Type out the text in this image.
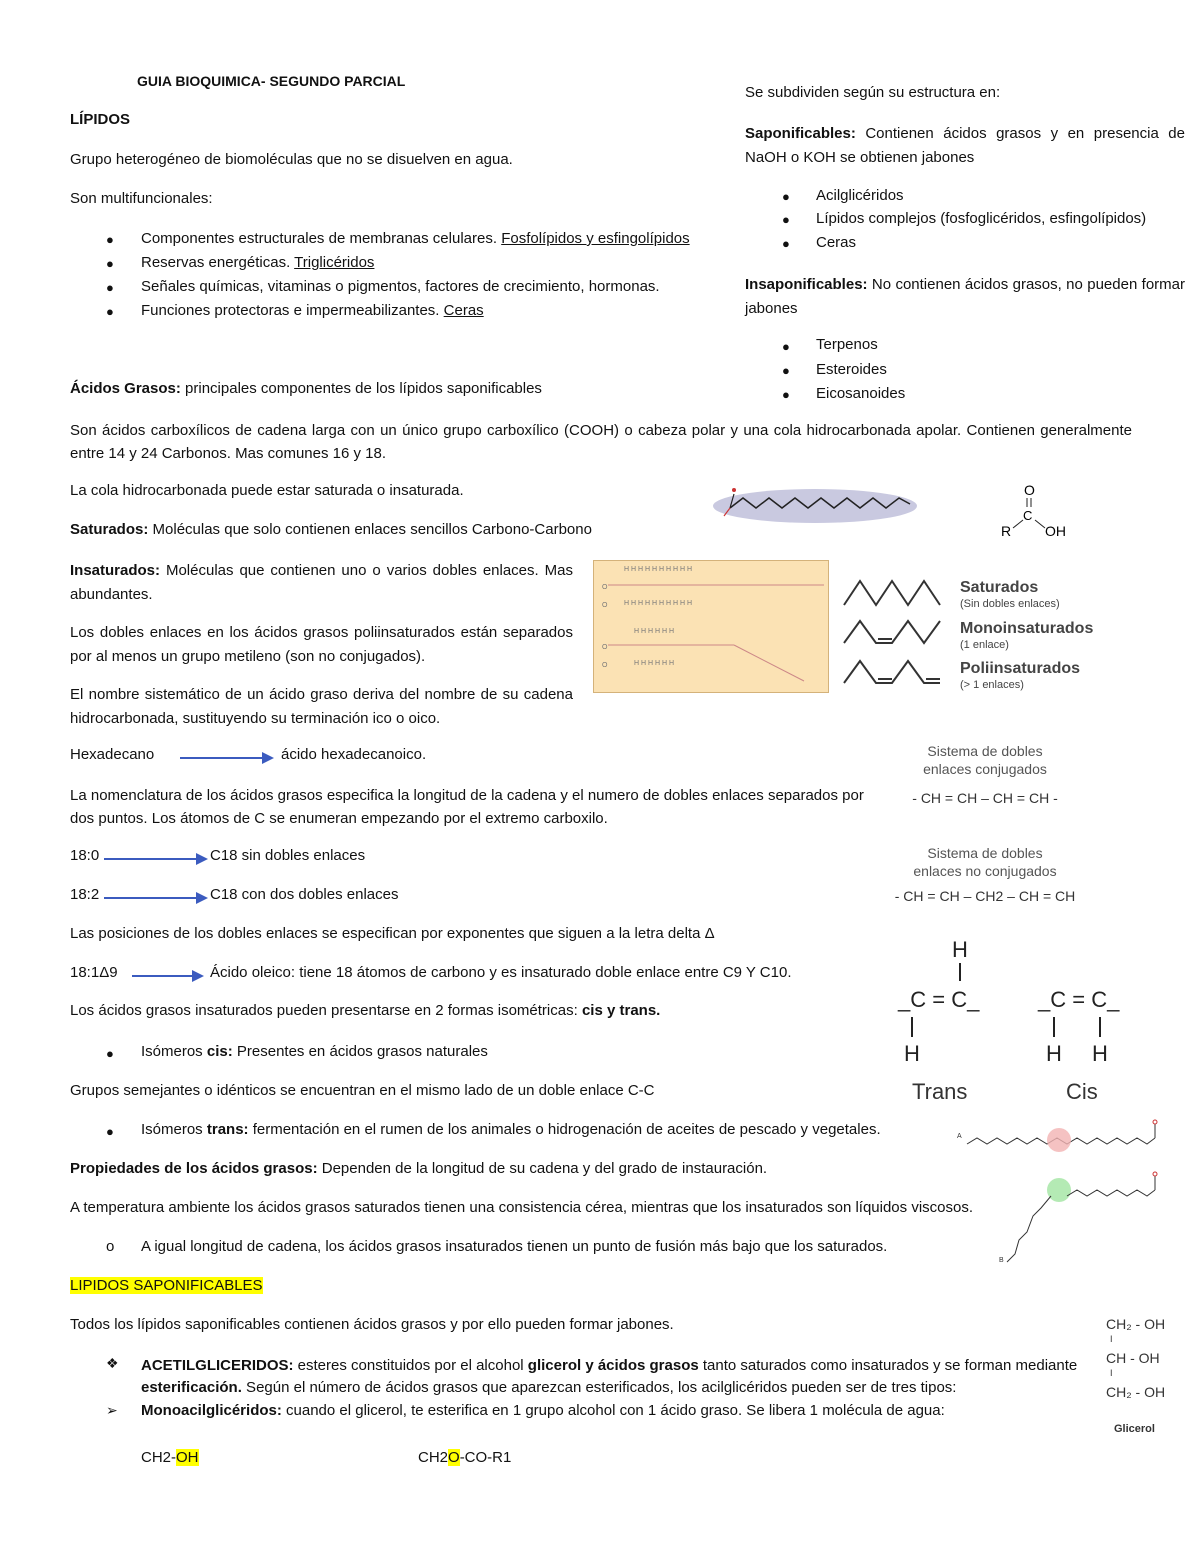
GUIA BIOQUIMICA- SEGUNDO PARCIAL
LÍPIDOS
Grupo heterogéneo de biomoléculas que no se disuelven en agua.
Son multifuncionales:
● Componentes estructurales de membranas celulares. Fosfolípidos y esfingolípidos
● Reservas energéticas. Triglicéridos
● Señales químicas, vitaminas o pigmentos, factores de crecimiento, hormonas.
● Funciones protectoras e impermeabilizantes. Ceras
Se subdividen según su estructura en:
Saponificables: Contienen ácidos grasos y en presencia de NaOH o KOH se obtienen jabones
● Acilglicéridos
● Lípidos complejos (fosfoglicéridos, esfingolípidos)
● Ceras
Insaponificables: No contienen ácidos grasos, no pueden formar jabones
● Terpenos
● Esteroides
● Eicosanoides
Ácidos Grasos: principales componentes de los lípidos saponificables
Son ácidos carboxílicos de cadena larga con un único grupo carboxílico (COOH) o cabeza polar y una cola hidrocarbonada apolar. Contienen generalmente entre 14 y 24 Carbonos. Mas comunes 16 y 18.
La cola hidrocarbonada puede estar saturada o insaturada.
Saturados: Moléculas que solo contienen enlaces sencillos Carbono-Carbono
Insaturados: Moléculas que contienen uno o varios dobles enlaces. Mas abundantes.
Los dobles enlaces en los ácidos grasos poliinsaturados están separados por al menos un grupo metileno (son no conjugados).
El nombre sistemático de un ácido graso deriva del nombre de su cadena hidrocarbonada, sustituyendo su terminación ico o oico.
Hexadecano	ácido hexadecanoico.
La nomenclatura de los ácidos grasos especifica la longitud de la cadena y el numero de dobles enlaces separados por dos puntos. Los átomos de C se enumeran empezando por el extremo carboxilo.
18:0	C18 sin dobles enlaces
18:2	C18 con dos dobles enlaces
Las posiciones de los dobles enlaces se especifican por exponentes que siguen a la letra delta Δ
18:1Δ9	Ácido oleico: tiene 18 átomos de carbono y es insaturado doble enlace entre C9 Y C10.
Los ácidos grasos insaturados pueden presentarse en 2 formas isométricas: cis y trans.
● Isómeros cis: Presentes en ácidos grasos naturales
Grupos semejantes o idénticos se encuentran en el mismo lado de un doble enlace C-C
● Isómeros trans: fermentación en el rumen de los animales o hidrogenación de aceites de pescado y vegetales.
Propiedades de los ácidos grasos: Dependen de la longitud de su cadena y del grado de instauración.
A temperatura ambiente los ácidos grasos saturados tienen una consistencia cérea, mientras que los insaturados son líquidos viscosos.
o A igual longitud de cadena, los ácidos grasos insaturados tienen un punto de fusión más bajo que los saturados.
LIPIDOS SAPONIFICABLES
Todos los lípidos saponificables contienen ácidos grasos y por ello pueden formar jabones.
❖ ACETILGLICERIDOS: esteres constituidos por el alcohol glicerol y ácidos grasos tanto saturados como insaturados y se forman mediante esterificación. Según el número de ácidos grasos que aparezcan esterificados, los acilglicéridos pueden ser de tres tipos:
➢ Monoacilglicéridos: cuando el glicerol, te esterifica en 1 grupo alcohol con 1 ácido graso. Se libera 1 molécula de agua:
CH2-OH	CH2O-CO-R1
O
C
R OH
H H H H H H H H H H
H H H H H H H H H H
H H H H H H
H H H H H H
O
O
O
O
Saturados
(Sin dobles enlaces)
Monoinsaturados
(1 enlace)
Poliinsaturados
(> 1 enlaces)
Sistema de dobles
enlaces conjugados
- CH = CH – CH = CH -
Sistema de dobles
enlaces no conjugados
- CH = CH – CH2 – CH = CH
H
_C = C_
H
_C = C_
H H
Trans	Cis
A
B
CH₂ - OH
I
CH - OH
I
CH₂ - OH
Glicerol
